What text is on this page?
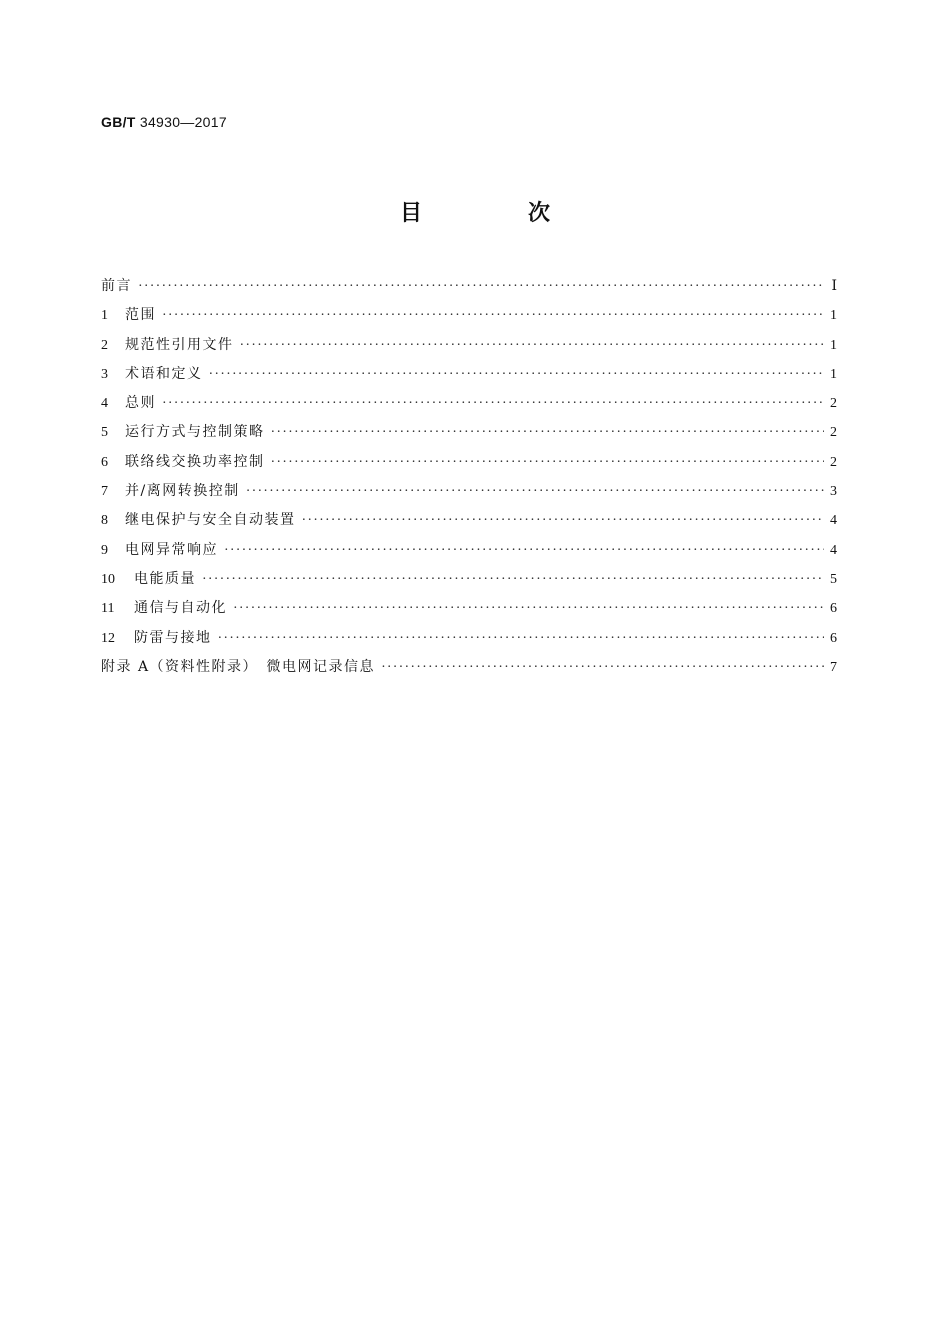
GB/T 34930—2017
目　次
前言 ·····	Ⅰ
1	范围 ·····	1
2	规范性引用文件 ·····	1
3	术语和定义 ·····	1
4	总则 ·····	2
5	运行方式与控制策略 ·····	2
6	联络线交换功率控制 ·····	2
7	并/离网转换控制 ·····	3
8	继电保护与安全自动装置 ·····	4
9	电网异常响应 ·····	4
10	电能质量 ·····	5
11	通信与自动化 ·····	6
12	防雷与接地 ·····	6
附录 A（资料性附录）　微电网记录信息 ·····	7
